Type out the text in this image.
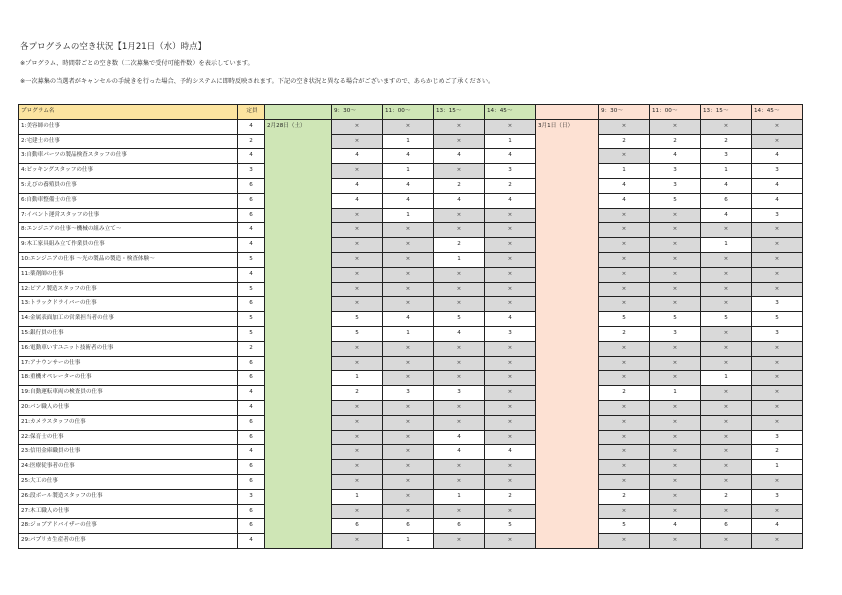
各プログラムの空き状況【1月21日（水）時点】
※プログラム、時間帯ごとの空き数（二次募集で受付可能件数）を表示しています。
※一次募集の当選者がキャンセルの手続きを行った場合、予約システムに即時反映されます。下記の空き状況と異なる場合がございますので、あらかじめご了承ください。
プログラム名	定員		9：30～	11：00～	13：15～	14：45～		9：30～	11：00～	13：15～	14：45～
1:美容師の仕事	4	2月28日（土）	×	×	×	×	3月1日（日）	×	×	×	×
2:宅建士の仕事	2		×	1	×	1		2	2	2	×
3:自動車パーツの製品検査スタッフの仕事	4		4	4	4	4		×	4	3	4
4:ピッキングスタッフの仕事	3		×	1	×	3		1	3	1	3
5:えびの養殖員の仕事	6		4	4	2	2		4	3	4	4
6:自動車整備士の仕事	6		4	4	4	4		4	5	6	4
7:イベント運営スタッフの仕事	6		×	1	×	×		×	×	4	3
8:エンジニアの仕事～機械の組み立て～	4		×	×	×	×		×	×	×	×
9:木工家具組み立て作業員の仕事	4		×	×	2	×		×	×	1	×
10:エンジニアの仕事 ～光の製品の製造・検査体験～	5		×	×	1	×		×	×	×	×
11:薬剤師の仕事	4		×	×	×	×		×	×	×	×
12:ピアノ製造スタッフの仕事	5		×	×	×	×		×	×	×	×
13:トラックドライバーの仕事	6		×	×	×	×		×	×	×	3
14:金属表面加工の営業担当者の仕事	5		5	4	5	4		5	5	5	5
15:銀行員の仕事	5		5	1	4	3		2	3	×	3
16:電動車いすユニット技術者の仕事	2		×	×	×	×		×	×	×	×
17:アナウンサーの仕事	6		×	×	×	×		×	×	×	×
18:重機オペレーターの仕事	6		1	×	×	×		×	×	1	×
19:自動運転車両の検査員の仕事	4		2	3	3	×		2	1	×	×
20:パン職人の仕事	4		×	×	×	×		×	×	×	×
21:カメラスタッフの仕事	6		×	×	×	×		×	×	×	×
22:保育士の仕事	6		×	×	4	×		×	×	×	3
23:信用金庫職員の仕事	4		×	×	4	4		×	×	×	2
24:医療従事者の仕事	6		×	×	×	×		×	×	×	1
25:大工の仕事	6		×	×	×	×		×	×	×	×
26:段ボール製造スタッフの仕事	3		1	×	1	2		2	×	2	3
27:木工職人の仕事	6		×	×	×	×		×	×	×	×
28:ジョブアドバイザーの仕事	6		6	6	6	5		5	4	6	4
29:パプリカ生産者の仕事	4		×	1	×	×		×	×	×	×
